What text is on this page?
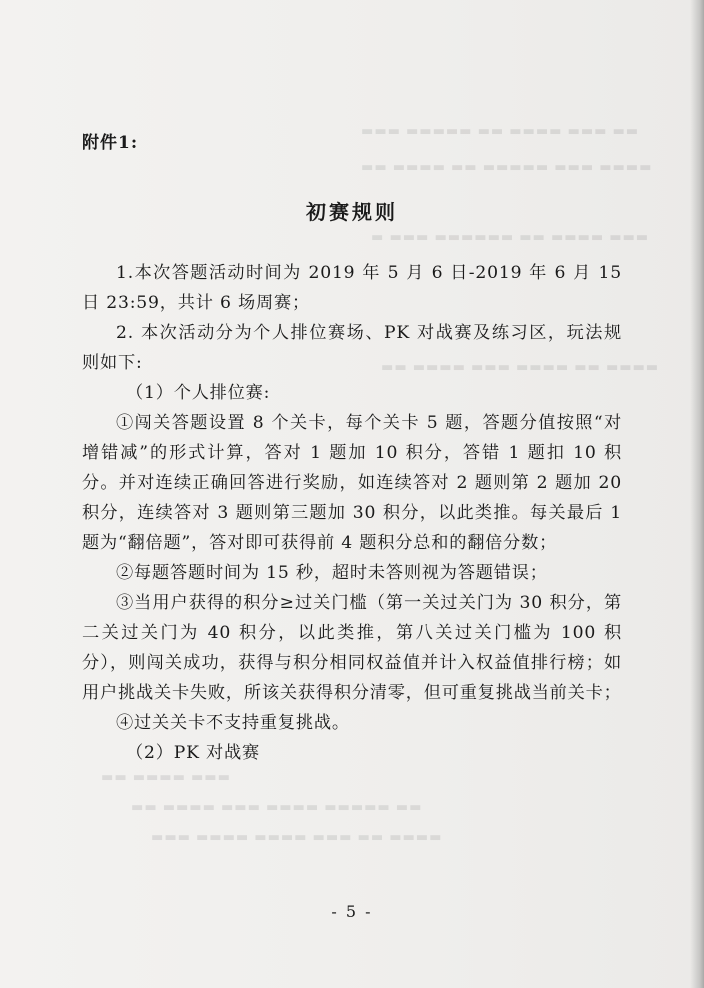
▬▬ ▬▬▬ ▬▬▬▬ ▬▬ ▬▬▬▬▬ ▬▬▬
▬▬▬▬ ▬▬▬ ▬▬▬▬▬ ▬▬ ▬▬▬▬ ▬▬
▬▬▬ ▬▬▬▬ ▬▬ ▬▬▬▬▬▬ ▬▬▬ ▬
▬▬▬▬ ▬▬ ▬▬▬▬ ▬▬▬ ▬▬▬▬ ▬▬
▬▬▬ ▬▬▬▬ ▬▬
▬▬ ▬▬▬▬▬ ▬▬▬▬ ▬▬▬ ▬▬▬▬ ▬▬
▬▬▬▬ ▬▬ ▬▬▬ ▬▬▬▬ ▬▬▬▬ ▬▬▬
附件1:
初赛规则

1.本次答题活动时间为 2019 年 5 月 6 日-2019 年 6 月 15 日 23:59，共计 6 场周赛；

2. 本次活动分为个人排位赛场、PK 对战赛及练习区，玩法规则如下:

（1）个人排位赛:

①闯关答题设置 8 个关卡，每个关卡 5 题，答题分值按照“对增错减”的形式计算，答对 1 题加 10 积分，答错 1 题扣 10 积分。并对连续正确回答进行奖励，如连续答对 2 题则第 2 题加 20 积分，连续答对 3 题则第三题加 30 积分，以此类推。每关最后 1 题为“翻倍题”，答对即可获得前 4 题积分总和的翻倍分数；

②每题答题时间为 15 秒，超时未答则视为答题错误；

③当用户获得的积分≥过关门槛（第一关过关门为 30 积分，第二关过关门为 40 积分，以此类推，第八关过关门槛为 100 积分），则闯关成功，获得与积分相同权益值并计入权益值排行榜；如用户挑战关卡失败，所该关获得积分清零，但可重复挑战当前关卡；

④过关关卡不支持重复挑战。

（2）PK 对战赛

- 5 -
